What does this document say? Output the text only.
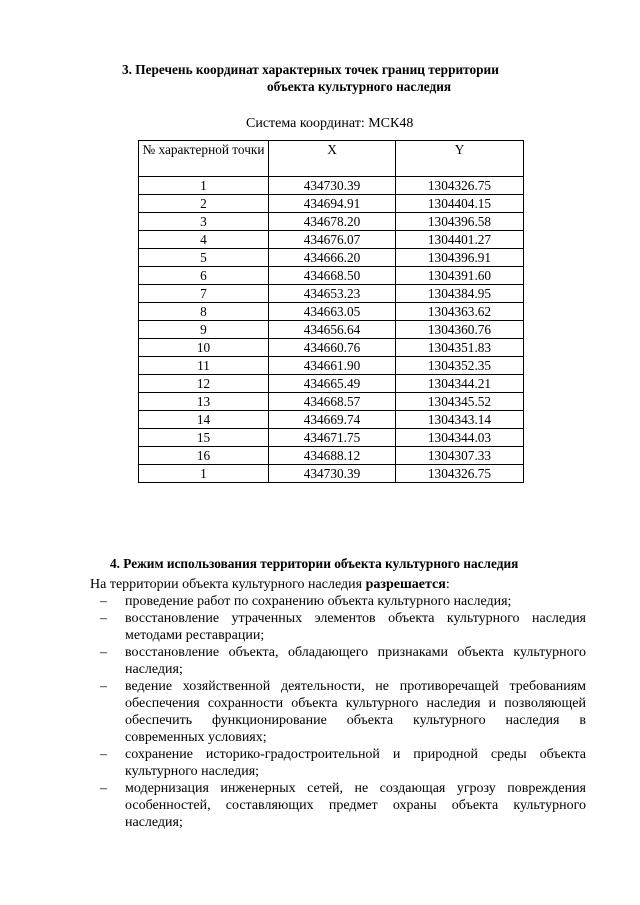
3. Перечень координат характерных точек границ территории
объекта культурного наследия
Система координат: МСК48
№ характерной точки	X	Y
1	434730.39	1304326.75
2	434694.91	1304404.15
3	434678.20	1304396.58
4	434676.07	1304401.27
5	434666.20	1304396.91
6	434668.50	1304391.60
7	434653.23	1304384.95
8	434663.05	1304363.62
9	434656.64	1304360.76
10	434660.76	1304351.83
11	434661.90	1304352.35
12	434665.49	1304344.21
13	434668.57	1304345.52
14	434669.74	1304343.14
15	434671.75	1304344.03
16	434688.12	1304307.33
1	434730.39	1304326.75
4. Режим использования территории объекта культурного наследия
На территории объекта культурного наследия разрешается:
– проведение работ по сохранению объекта культурного наследия;
– восстановление утраченных элементов объекта культурного наследия методами реставрации;
– восстановление объекта, обладающего признаками объекта культурного наследия;
– ведение хозяйственной деятельности, не противоречащей требованиям обеспечения сохранности объекта культурного наследия и позволяющей обеспечить функционирование объекта культурного наследия в современных условиях;
– сохранение историко-градостроительной и природной среды объекта культурного наследия;
– модернизация инженерных сетей, не создающая угрозу повреждения особенностей, составляющих предмет охраны объекта культурного наследия;
